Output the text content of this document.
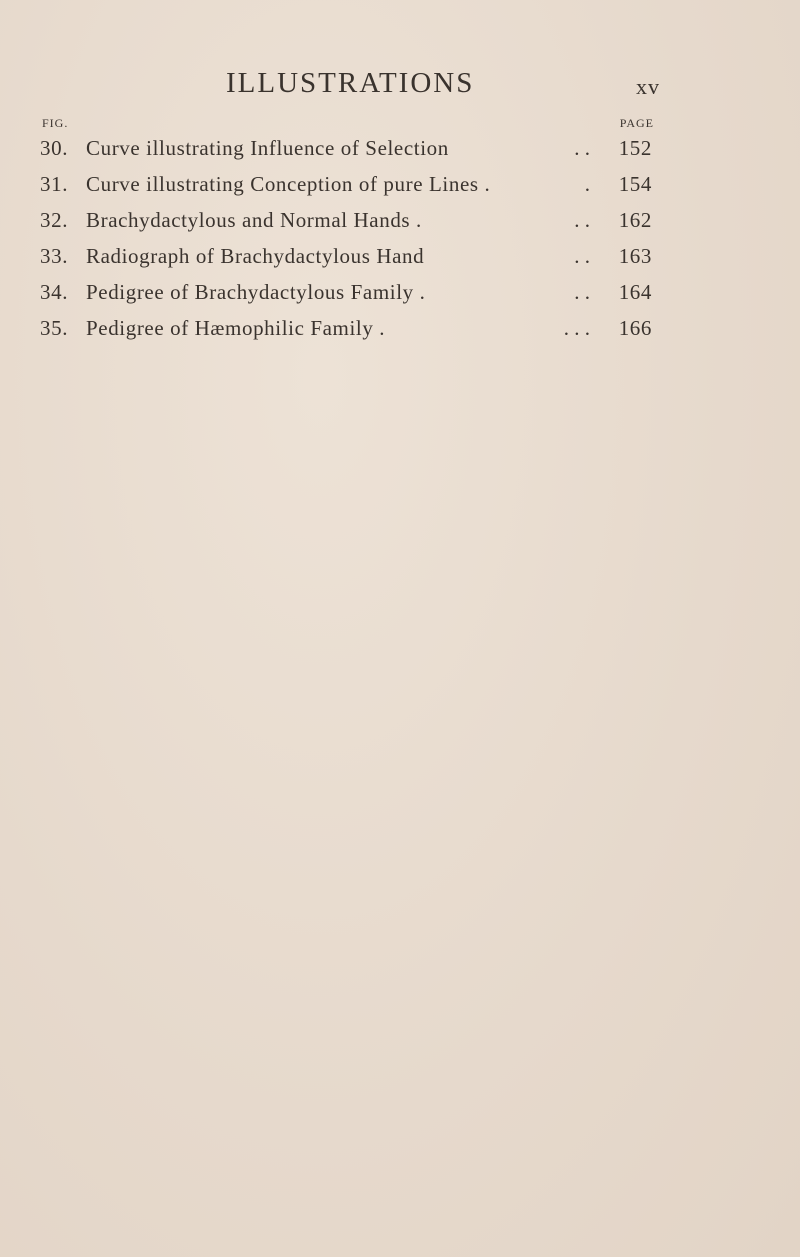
ILLUSTRATIONS	xv
FIG.	PAGE
30. Curve illustrating Influence of Selection	. .	152
31. Curve illustrating Conception of pure Lines .	.	154
32. Brachydactylous and Normal Hands .	. .	162
33. Radiograph of Brachydactylous Hand	. .	163
34. Pedigree of Brachydactylous Family .	. .	164
35. Pedigree of Hæmophilic Family .	. . .	166
